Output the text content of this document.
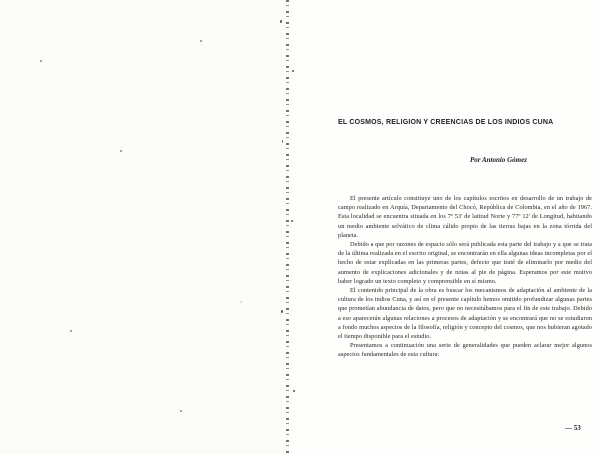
◦
EL COSMOS, RELIGION Y CREENCIAS DE LOS INDIOS CUNA
Por Antonio Gómez

El presente artículo constituye uno de los capítulos escritos en desarrollo de un trabajo de campo realizado en Arquía, Departamento del Chocó, República de Colombia, en el año de 1967. Esta localidad se encuentra situada en los 7º 53' de latitud Norte y 77º 12' de Longitud, habitando un medio ambiente selvático de clima cálido propio de las tierras bajas en la zona tórrida del planeta.

Debido a que por razones de espacio sólo será publicada esta parte del trabajo y a que se trata de la última realizada en el escrito original, se encontrarán en ella algunas ideas incompletas por el hecho de estar explicadas en las primeras partes, defecto que traté de eliminarlo por medio del aumento de explicaciones adicionales y de notas al pie de página. Esperamos por este motivo haber logrado un texto completo y comprensible en sí mismo.

El contenido principal de la obra es buscar los mecanismos de adaptación al ambiente de la cultura de los indios Cuna, y así en el presente capítulo hemos omitido profundizar algunas partes que prometían abundancia de datos, pero que no necesitábamos para el fin de este trabajo. Debido a eso aparecerán algunas relaciones a procesos de adaptación y se encontrará que no se estudiaron a fondo muchos aspectos de la filosofía, religión y concepto del cosmos, que nos hubieran agotado el tiempo disponible para el estudio.

Presentamos a continuación una serie de generalidades que pueden aclarar mejor algunos aspectos fundamentales de esta cultura:

— 53
